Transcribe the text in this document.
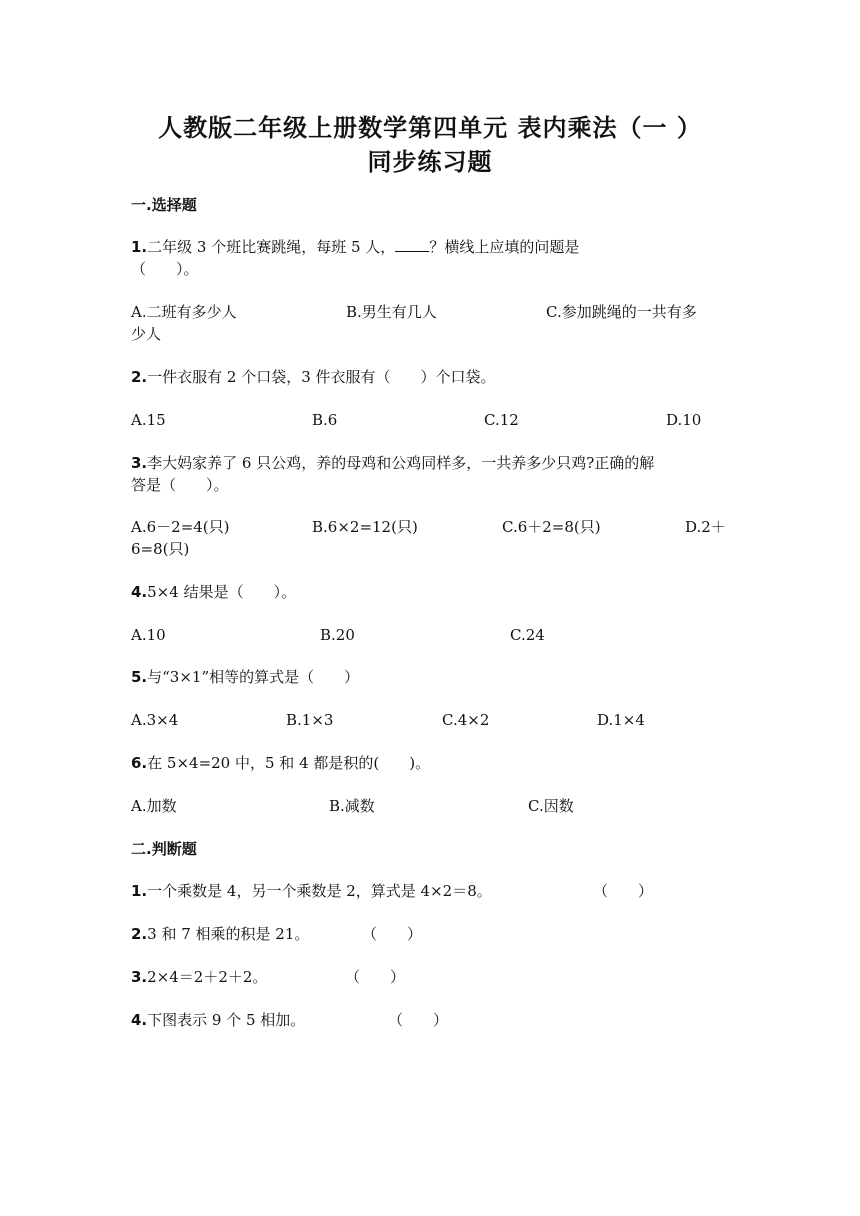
人教版二年级上册数学第四单元 表内乘法（一 ）
同步练习题
一.选择题
1.二年级 3 个班比赛跳绳，每班 5 人， ？横线上应填的问题是
（　　）。
A.二班有多少人	B.男生有几人	C.参加跳绳的一共有多
少人
2.一件衣服有 2 个口袋，3 件衣服有（　　）个口袋。
A.15	B.6	C.12	D.10
3.李大妈家养了 6 只公鸡，养的母鸡和公鸡同样多，一共养多少只鸡?正确的解
答是（　　）。
A.6－2=4(只)	B.6×2=12(只)	C.6＋2=8(只)	D.2＋
6=8(只)
4.5×4 结果是（　　）。
A.10	B.20	C.24
5.与“3×1”相等的算式是（　　）
A.3×4	B.1×3	C.4×2	D.1×4
6.在 5×4=20 中，5 和 4 都是积的(　　)。
A.加数	B.减数	C.因数
二.判断题
1.一个乘数是 4，另一个乘数是 2，算式是 4×2＝8。	（　　）
2.3 和 7 相乘的积是 21。	（　　）
3.2×4＝2＋2＋2。	（　　）
4.下图表示 9 个 5 相加。	（　　）
